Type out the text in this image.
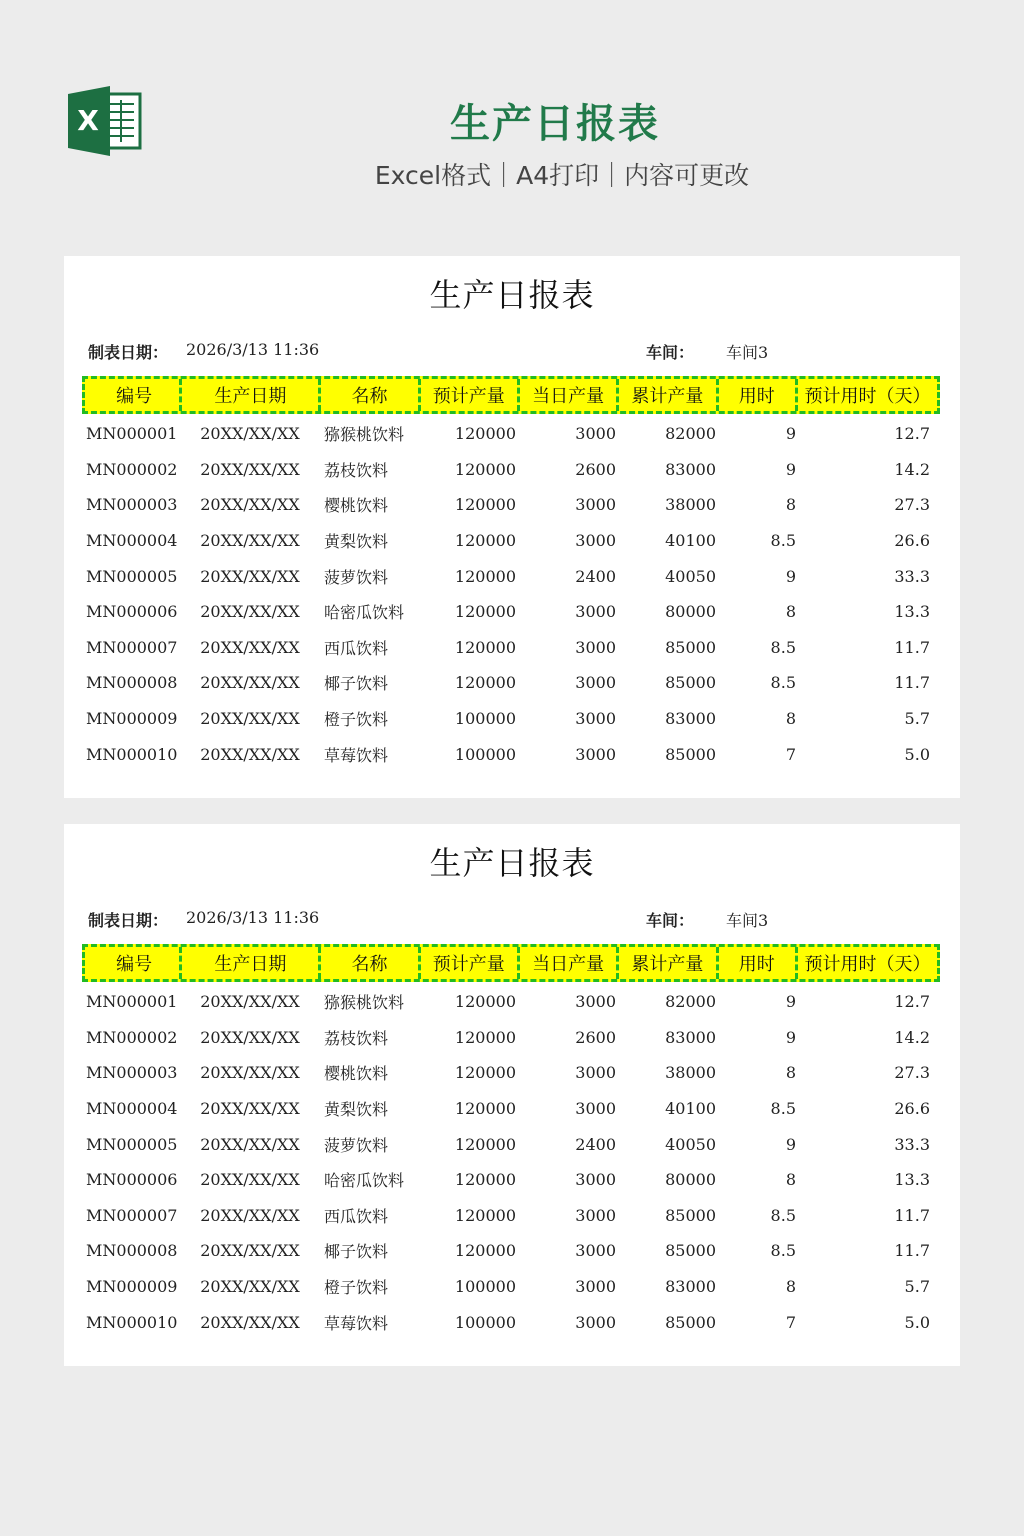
X	生产日报表
Excel格式｜A4打印｜内容可更改
生产日报表
制表日期： 2026/3/13 11:36	车间： 车间3
编号	生产日期	名称	预计产量	当日产量	累计产量	用时	预计用时（天）
MN000001	20XX/XX/XX	猕猴桃饮料	120000	3000	82000	9	12.7
MN000002	20XX/XX/XX	荔枝饮料	120000	2600	83000	9	14.2
MN000003	20XX/XX/XX	樱桃饮料	120000	3000	38000	8	27.3
MN000004	20XX/XX/XX	黄梨饮料	120000	3000	40100	8.5	26.6
MN000005	20XX/XX/XX	菠萝饮料	120000	2400	40050	9	33.3
MN000006	20XX/XX/XX	哈密瓜饮料	120000	3000	80000	8	13.3
MN000007	20XX/XX/XX	西瓜饮料	120000	3000	85000	8.5	11.7
MN000008	20XX/XX/XX	椰子饮料	120000	3000	85000	8.5	11.7
MN000009	20XX/XX/XX	橙子饮料	100000	3000	83000	8	5.7
MN000010	20XX/XX/XX	草莓饮料	100000	3000	85000	7	5.0
生产日报表
制表日期： 2026/3/13 11:36	车间： 车间3
编号	生产日期	名称	预计产量	当日产量	累计产量	用时	预计用时（天）
MN000001	20XX/XX/XX	猕猴桃饮料	120000	3000	82000	9	12.7
MN000002	20XX/XX/XX	荔枝饮料	120000	2600	83000	9	14.2
MN000003	20XX/XX/XX	樱桃饮料	120000	3000	38000	8	27.3
MN000004	20XX/XX/XX	黄梨饮料	120000	3000	40100	8.5	26.6
MN000005	20XX/XX/XX	菠萝饮料	120000	2400	40050	9	33.3
MN000006	20XX/XX/XX	哈密瓜饮料	120000	3000	80000	8	13.3
MN000007	20XX/XX/XX	西瓜饮料	120000	3000	85000	8.5	11.7
MN000008	20XX/XX/XX	椰子饮料	120000	3000	85000	8.5	11.7
MN000009	20XX/XX/XX	橙子饮料	100000	3000	83000	8	5.7
MN000010	20XX/XX/XX	草莓饮料	100000	3000	85000	7	5.0
